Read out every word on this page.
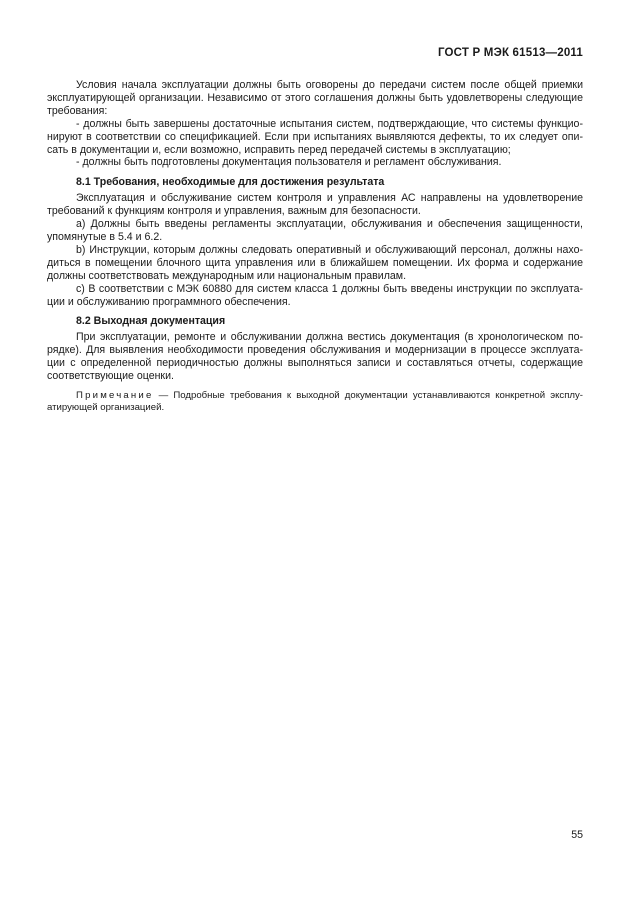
ГОСТ Р МЭК 61513—2011

Условия начала эксплуатации должны быть оговорены до передачи систем после общей приемки эксплуатирующей организации. Независимо от этого соглашения должны быть удовлетворены следующие требования:

- должны быть завершены достаточные испытания систем, подтверждающие, что системы функционируют в соответствии со спецификацией. Если при испытаниях выявляются дефекты, то их следует описать в документации и, если возможно, исправить перед передачей системы в эксплуатацию;

- должны быть подготовлены документация пользователя и регламент обслуживания.

8.1 Требования, необходимые для достижения результата

Эксплуатация и обслуживание систем контроля и управления АС направлены на удовлетворение требований к функциям контроля и управления, важным для безопасности.

a) Должны быть введены регламенты эксплуатации, обслуживания и обеспечения защищенности, упомянутые в 5.4 и 6.2.

b) Инструкции, которым должны следовать оперативный и обслуживающий персонал, должны находиться в помещении блочного щита управления или в ближайшем помещении. Их форма и содержание должны соответствовать международным или национальным правилам.

c) В соответствии с МЭК 60880 для систем класса 1 должны быть введены инструкции по эксплуатации и обслуживанию программного обеспечения.

8.2 Выходная документация

При эксплуатации, ремонте и обслуживании должна вестись документация (в хронологическом порядке). Для выявления необходимости проведения обслуживания и модернизации в процессе эксплуатации с определенной периодичностью должны выполняться записи и составляться отчеты, содержащие соответствующие оценки.

Примечание — Подробные требования к выходной документации устанавливаются конкретной эксплуатирующей организацией.

55
